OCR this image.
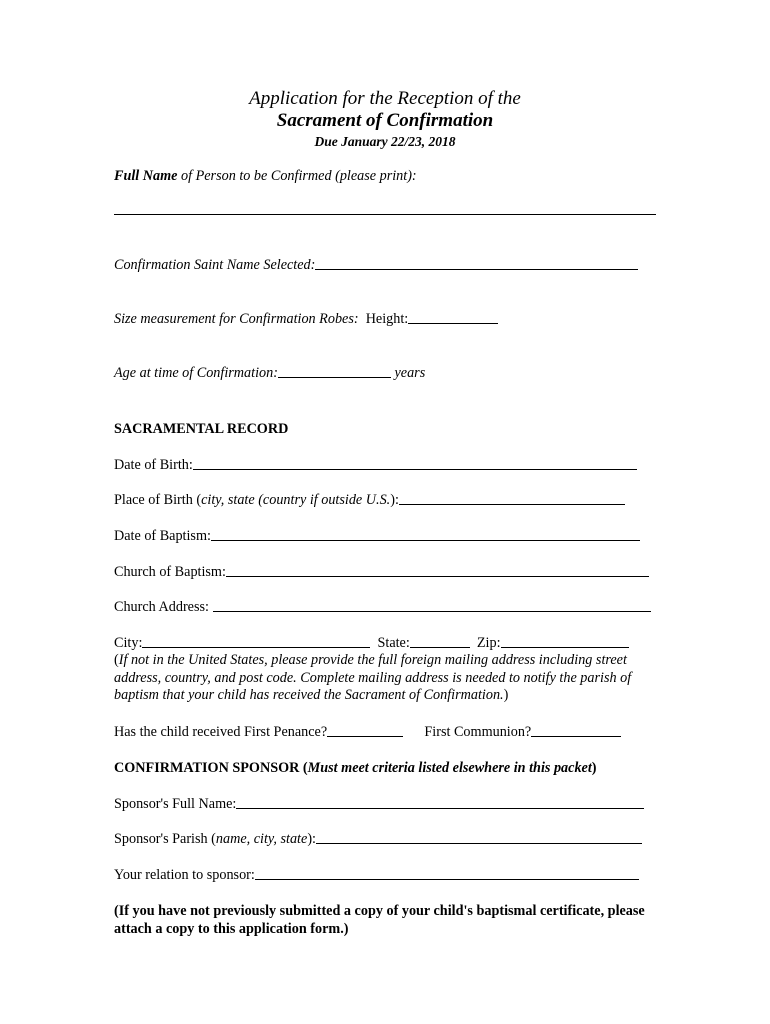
Application for the Reception of the
Sacrament of Confirmation
Due January 22/23, 2018
Full Name of Person to be Confirmed (please print):
Confirmation Saint Name Selected:
Size measurement for Confirmation Robes: Height:
Age at time of Confirmation:	years
SACRAMENTAL RECORD
Date of Birth:
Place of Birth (city, state (country if outside U.S.):
Date of Baptism:
Church of Baptism:
Church Address:
City:	State:	Zip:
(If not in the United States, please provide the full foreign mailing address including street address, country, and post code. Complete mailing address is needed to notify the parish of baptism that your child has received the Sacrament of Confirmation.)
Has the child received First Penance?	First Communion?
CONFIRMATION SPONSOR (Must meet criteria listed elsewhere in this packet)
Sponsor's Full Name:
Sponsor's Parish (name, city, state):
Your relation to sponsor:
(If you have not previously submitted a copy of your child's baptismal certificate, please attach a copy to this application form.)
